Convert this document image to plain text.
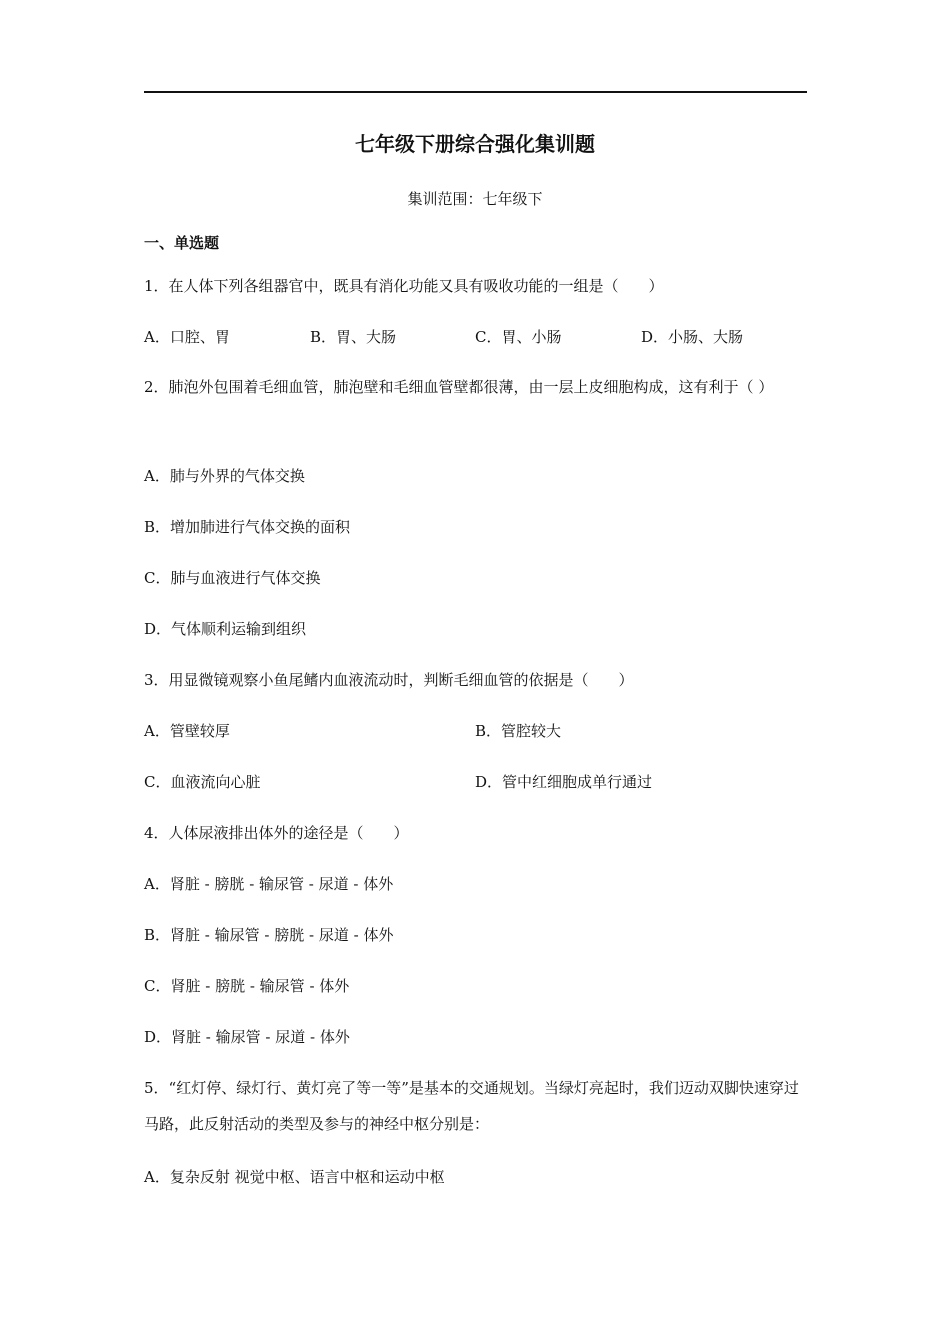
七年级下册综合强化集训题
集训范围：七年级下
一、单选题
1．在人体下列各组器官中，既具有消化功能又具有吸收功能的一组是（　　）
A．口腔、胃	B．胃、大肠	C．胃、小肠	D．小肠、大肠
2．肺泡外包围着毛细血管，肺泡壁和毛细血管壁都很薄，由一层上皮细胞构成，这有利于（ ）
A．肺与外界的气体交换
B．增加肺进行气体交换的面积
C．肺与血液进行气体交换
D．气体顺利运输到组织
3．用显微镜观察小鱼尾鳍内血液流动时，判断毛细血管的依据是（　　）
A．管壁较厚	B．管腔较大
C．血液流向心脏	D．管中红细胞成单行通过
4．人体尿液排出体外的途径是（　　）
A．肾脏 - 膀胱 - 输尿管 - 尿道 - 体外
B．肾脏 - 输尿管 - 膀胱 - 尿道 - 体外
C．肾脏 - 膀胱 - 输尿管 - 体外
D．肾脏 - 输尿管 - 尿道 - 体外
5．“红灯停、绿灯行、黄灯亮了等一等”是基本的交通规划。当绿灯亮起时，我们迈动双脚快速穿过马路，此反射活动的类型及参与的神经中枢分别是：
A．复杂反射 视觉中枢、语言中枢和运动中枢
